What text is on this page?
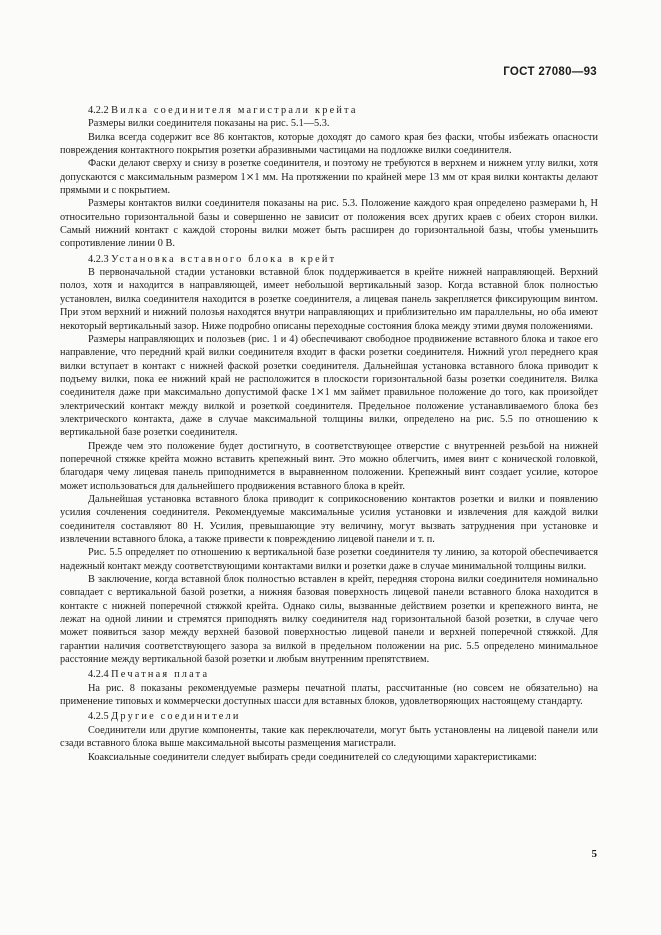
ГОСТ 27080—93

4.2.2 Вилка соединителя магистрали крейта

Размеры вилки соединителя показаны на рис. 5.1—5.3.

Вилка всегда содержит все 86 контактов, которые доходят до самого края без фаски, чтобы избежать опасности повреждения контактного покрытия розетки абразивными частицами на подложке вилки соединителя.

Фаски делают сверху и снизу в розетке соединителя, и поэтому не требуются в верхнем и нижнем углу вилки, хотя допускаются с максимальным размером 1⨯1 мм. На протяжении по крайней мере 13 мм от края вилки контакты делают прямыми и с покрытием.

Размеры контактов вилки соединителя показаны на рис. 5.3. Положение каждого края определено размерами h, H относительно горизонтальной базы и совершенно не зависит от положения всех других краев с обеих сторон вилки. Самый нижний контакт с каждой стороны вилки может быть расширен до горизонтальной базы, чтобы уменьшить сопротивление линии 0 В.

4.2.3 Установка вставного блока в крейт

В первоначальной стадии установки вставной блок поддерживается в крейте нижней направляющей. Верхний полоз, хотя и находится в направляющей, имеет небольшой вертикальный зазор. Когда вставной блок полностью установлен, вилка соединителя находится в розетке соединителя, а лицевая панель закрепляется фиксирующим винтом. При этом верхний и нижний полозья находятся внутри направляющих и приблизительно им параллельны, но оба имеют некоторый вертикальный зазор. Ниже подробно описаны переходные состояния блока между этими двумя положениями.

Размеры направляющих и полозьев (рис. 1 и 4) обеспечивают свободное продвижение вставного блока и такое его направление, что передний край вилки соединителя входит в фаски розетки соединителя. Нижний угол переднего края вилки вступает в контакт с нижней фаской розетки соединителя. Дальнейшая установка вставного блока приводит к подъему вилки, пока ее нижний край не расположится в плоскости горизонтальной базы розетки соединителя. Вилка соединителя даже при максимально допустимой фаске 1⨯1 мм займет правильное положение до того, как произойдет электрический контакт между вилкой и розеткой соединителя. Предельное положение устанавливаемого блока без электрического контакта, даже в случае максимальной толщины вилки, определено на рис. 5.5 по отношению к вертикальной базе розетки соединителя.

Прежде чем это положение будет достигнуто, в соответствующее отверстие с внутренней резьбой на нижней поперечной стяжке крейта можно вставить крепежный винт. Это можно облегчить, имея винт с конической головкой, благодаря чему лицевая панель приподнимется в выравненном положении. Крепежный винт создает усилие, которое может использоваться для дальнейшего продвижения вставного блока в крейт.

Дальнейшая установка вставного блока приводит к соприкосновению контактов розетки и вилки и появлению усилия сочленения соединителя. Рекомендуемые максимальные усилия установки и извлечения для каждой вилки соединителя составляют 80 Н. Усилия, превышающие эту величину, могут вызвать затруднения при установке и извлечении вставного блока, а также привести к повреждению лицевой панели и т. п.

Рис. 5.5 определяет по отношению к вертикальной базе розетки соединителя ту линию, за которой обеспечивается надежный контакт между соответствующими контактами вилки и розетки даже в случае минимальной толщины вилки.

В заключение, когда вставной блок полностью вставлен в крейт, передняя сторона вилки соединителя номинально совпадает с вертикальной базой розетки, а нижняя базовая поверхность лицевой панели вставного блока находится в контакте с нижней поперечной стяжкой крейта. Однако силы, вызванные действием розетки и крепежного винта, не лежат на одной линии и стремятся приподнять вилку соединителя над горизонтальной базой розетки, в случае чего может появиться зазор между верхней базовой поверхностью лицевой панели и верхней поперечной стяжкой. Для гарантии наличия соответствующего зазора за вилкой в предельном положении на рис. 5.5 определено минимальное расстояние между вертикальной базой розетки и любым внутренним препятствием.

4.2.4 Печатная плата

На рис. 8 показаны рекомендуемые размеры печатной платы, рассчитанные (но совсем не обязательно) на применение типовых и коммерчески доступных шасси для вставных блоков, удовлетворяющих настоящему стандарту.

4.2.5 Другие соединители

Соединители или другие компоненты, такие как переключатели, могут быть установлены на лицевой панели или сзади вставного блока выше максимальной высоты размещения магистрали.

Коаксиальные соединители следует выбирать среди соединителей со следующими характеристиками:

5
